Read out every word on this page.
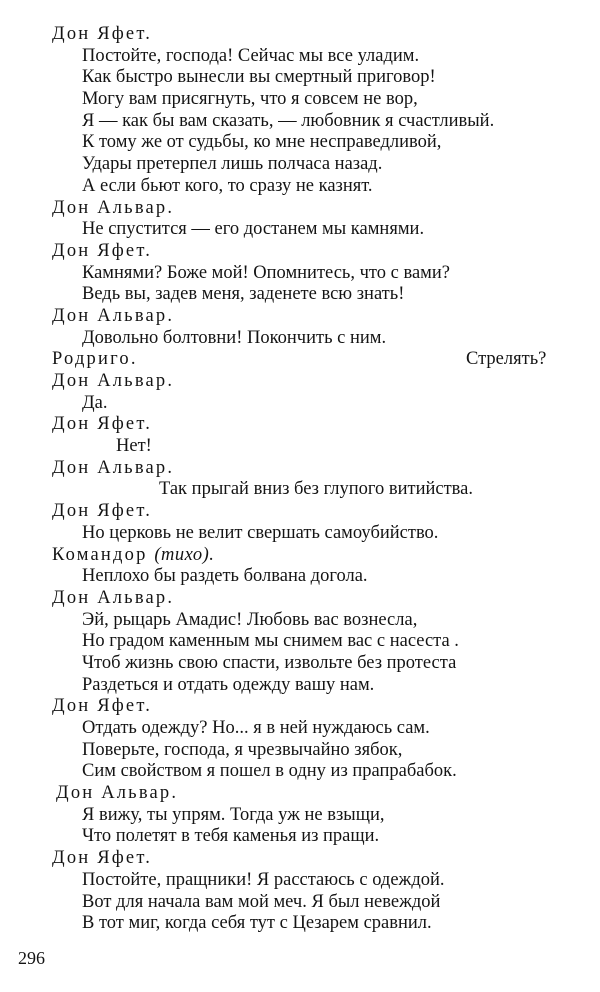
Дон Яфет.
Постойте, господа! Сейчас мы все уладим.
Как быстро вынесли вы смертный приговор!
Могу вам присягнуть, что я совсем не вор,
Я — как бы вам сказать, — любовник я счастливый.
К тому же от судьбы, ко мне несправедливой,
Удары претерпел лишь полчаса назад.
А если бьют кого, то сразу не казнят.
Дон Альвар.
Не спустится — его достанем мы камнями.
Дон Яфет.
Камнями? Боже мой! Опомнитесь, что с вами?
Ведь вы, задев меня, заденете всю знать!
Дон Альвар.
Довольно болтовни! Покончить с ним.
Родриго.	Стрелять?
Дон Альвар.
Да.
Дон Яфет.
Нет!
Дон Альвар.
Так прыгай вниз без глупого витийства.
Дон Яфет.
Но церковь не велит свершать самоубийство.
Командор (тихо).
Неплохо бы раздеть болвана догола.
Дон Альвар.
Эй, рыцарь Амадис! Любовь вас вознесла,
Но градом каменным мы снимем вас с насеста .
Чтоб жизнь свою спасти, извольте без протеста
Раздеться и отдать одежду вашу нам.
Дон Яфет.
Отдать одежду? Но... я в ней нуждаюсь сам.
Поверьте, господа, я чрезвычайно зябок,
Сим свойством я пошел в одну из прапрабабок.
Дон Альвар.
Я вижу, ты упрям. Тогда уж не взыщи,
Что полетят в тебя каменья из пращи.
Дон Яфет.
Постойте, пращники! Я расстаюсь с одеждой.
Вот для начала вам мой меч. Я был невеждой
В тот миг, когда себя тут с Цезарем сравнил.
296
